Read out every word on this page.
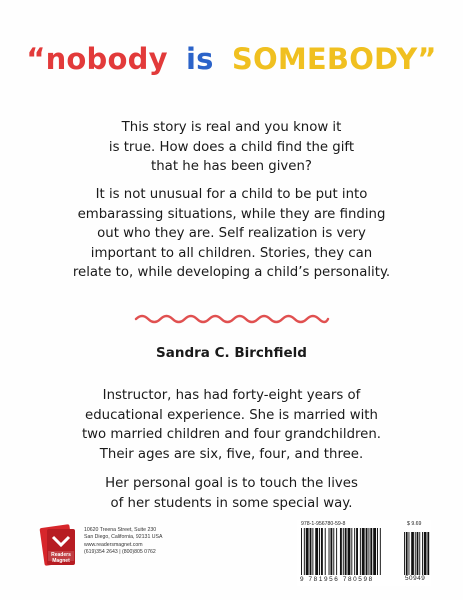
“nobody is SOMEBODY”

This story is real and you know it
is true. How does a child find the gift
that he has been given?

It is not unusual for a child to be put into
embarassing situations, while they are finding
out who they are. Self realization is very
important to all children. Stories, they can
relate to, while developing a child’s personality.

Sandra C. Birchfield

Instructor, has had forty-eight years of
educational experience. She is married with
two married children and four grandchildren.
Their ages are six, five, four, and three.

Her personal goal is to touch the lives
of her students in some special way.

Readers
Magnet
10620 Treena Street, Suite 230
San Diego, California, 92131 USA
www.readersmagnet.com
(619)354 2643 | (800)805 0762
978-1-956780-59-8	$ 9.69
9 781956 780598	50949
